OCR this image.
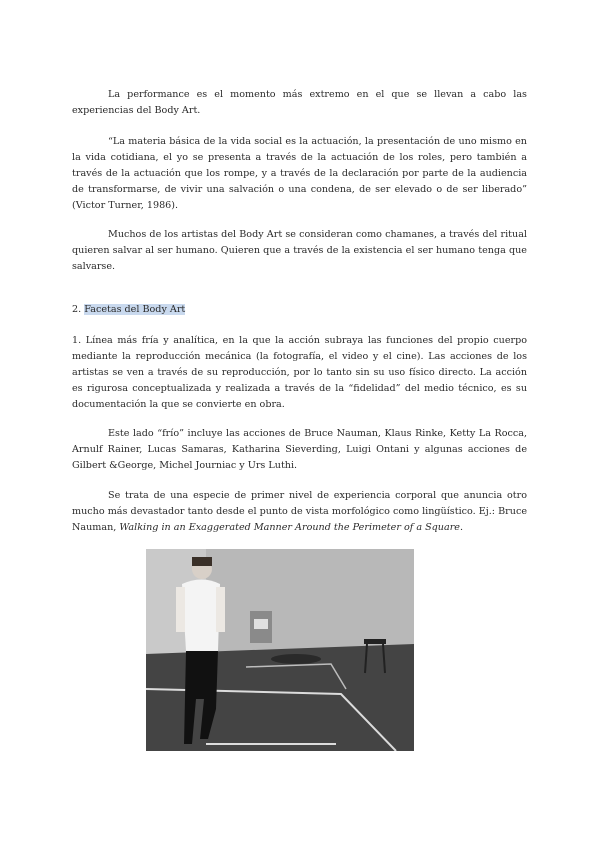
La performance es el momento más extremo en el que se llevan a cabo las experiencias del Body Art.

“La materia básica de la vida social es la actuación, la presentación de uno mismo en la vida cotidiana, el yo se presenta a través de la actuación de los roles, pero también a través de la actuación que los rompe, y a través de la declaración por parte de la audiencia de transformarse, de vivir una salvación o una condena, de ser elevado o de ser liberado” (Victor Turner, 1986).

Muchos de los artistas del Body Art se consideran como chamanes, a través del ritual quieren salvar al ser humano. Quieren que a través de la existencia el ser humano tenga que salvarse.

2. Facetas del Body Art

1. Línea más fría y analítica, en la que la acción subraya las funciones del propio cuerpo mediante la reproducción mecánica (la fotografía, el video y el cine). Las acciones de los artistas se ven a través de su reproducción, por lo tanto sin su uso físico directo. La acción es rigurosa conceptualizada y realizada a través de la “fidelidad” del medio técnico, es su documentación la que se convierte en obra.

Este lado “frío” incluye las acciones de Bruce Nauman, Klaus Rinke, Ketty La Rocca, Arnulf Rainer, Lucas Samaras, Katharina Sieverding, Luigi Ontani y algunas acciones de Gilbert &George, Michel Journiac y Urs Luthi.

Se trata de una especie de primer nivel de experiencia corporal que anuncia otro mucho más devastador tanto desde el punto de vista morfológico como lingüístico. Ej.: Bruce Nauman, Walking in an Exaggerated Manner Around the Perimeter of a Square.
